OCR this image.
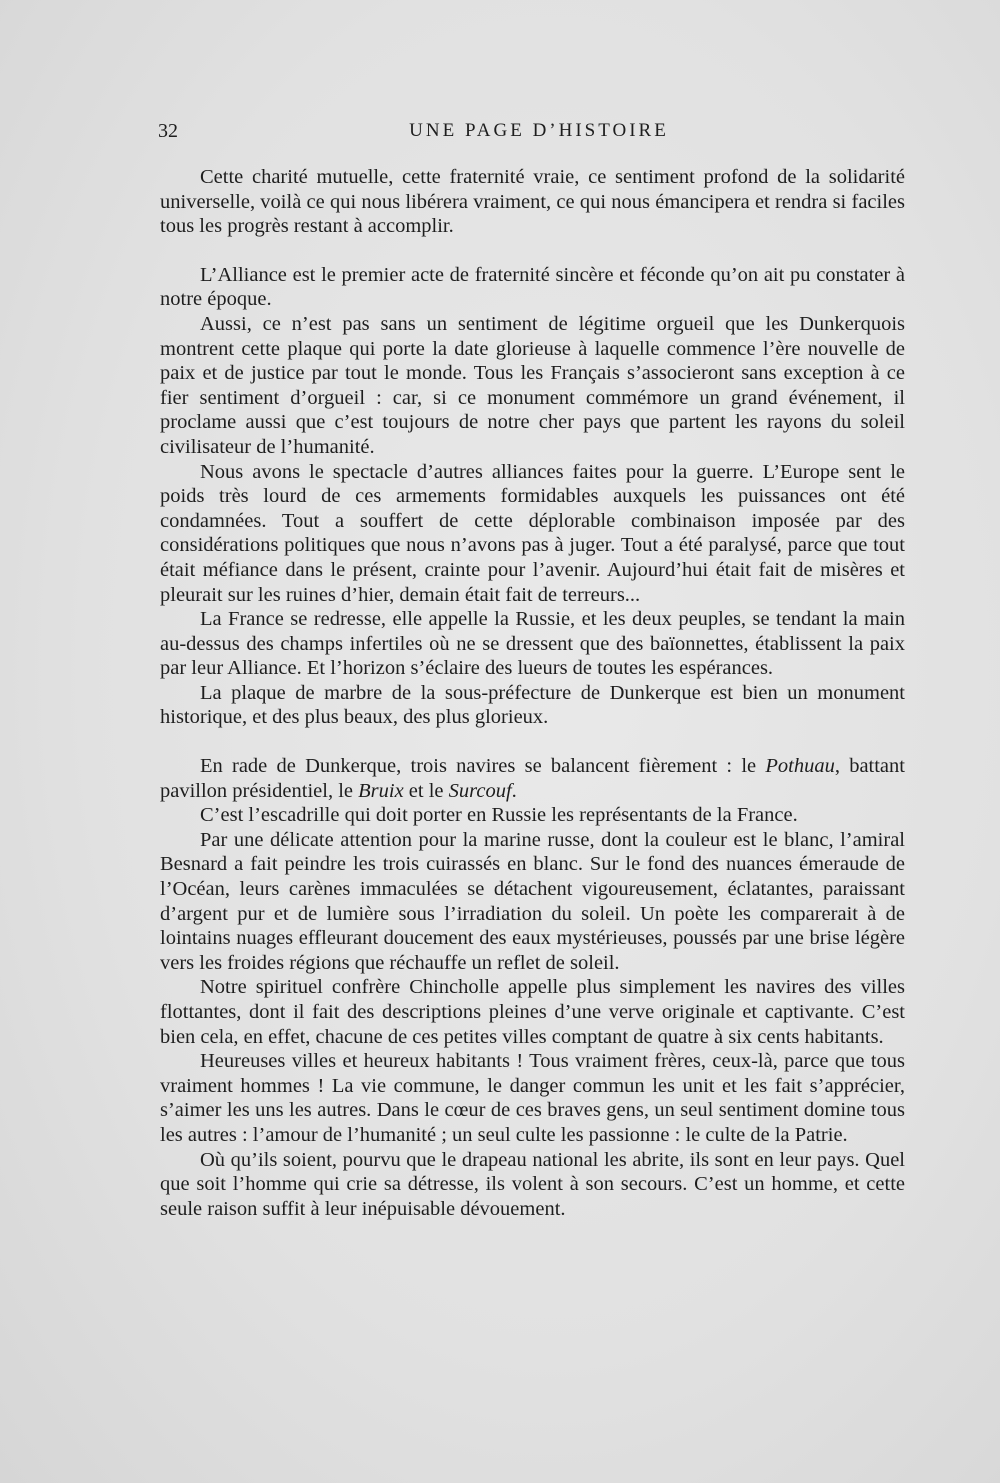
32	UNE PAGE D’HISTOIRE

Cette charité mutuelle, cette fraternité vraie, ce sentiment profond de la solidarité universelle, voilà ce qui nous libérera vraiment, ce qui nous émancipera et rendra si faciles tous les progrès restant à accomplir.

L’Alliance est le premier acte de fraternité sincère et féconde qu’on ait pu constater à notre époque.

Aussi, ce n’est pas sans un sentiment de légitime orgueil que les Dunkerquois montrent cette plaque qui porte la date glorieuse à laquelle commence l’ère nouvelle de paix et de justice par tout le monde. Tous les Français s’associeront sans exception à ce fier sentiment d’orgueil : car, si ce monument commémore un grand événement, il proclame aussi que c’est toujours de notre cher pays que partent les rayons du soleil civilisateur de l’humanité.

Nous avons le spectacle d’autres alliances faites pour la guerre. L’Europe sent le poids très lourd de ces armements formidables auxquels les puissances ont été condamnées. Tout a souffert de cette déplorable combinaison imposée par des considérations politiques que nous n’avons pas à juger. Tout a été paralysé, parce que tout était méfiance dans le présent, crainte pour l’avenir. Aujourd’hui était fait de misères et pleurait sur les ruines d’hier, demain était fait de terreurs...

La France se redresse, elle appelle la Russie, et les deux peuples, se tendant la main au-dessus des champs infertiles où ne se dressent que des baïonnettes, établissent la paix par leur Alliance. Et l’horizon s’éclaire des lueurs de toutes les espérances.

La plaque de marbre de la sous-préfecture de Dunkerque est bien un monument historique, et des plus beaux, des plus glorieux.

En rade de Dunkerque, trois navires se balancent fièrement : le Pothuau, battant pavillon présidentiel, le Bruix et le Surcouf.

C’est l’escadrille qui doit porter en Russie les représentants de la France.

Par une délicate attention pour la marine russe, dont la couleur est le blanc, l’amiral Besnard a fait peindre les trois cuirassés en blanc. Sur le fond des nuances émeraude de l’Océan, leurs carènes immaculées se détachent vigoureusement, éclatantes, paraissant d’argent pur et de lumière sous l’irradiation du soleil. Un poète les comparerait à de lointains nuages effleurant doucement des eaux mystérieuses, poussés par une brise légère vers les froides régions que réchauffe un reflet de soleil.

Notre spirituel confrère Chincholle appelle plus simplement les navires des villes flottantes, dont il fait des descriptions pleines d’une verve originale et captivante. C’est bien cela, en effet, chacune de ces petites villes comptant de quatre à six cents habitants.

Heureuses villes et heureux habitants ! Tous vraiment frères, ceux-là, parce que tous vraiment hommes ! La vie commune, le danger commun les unit et les fait s’apprécier, s’aimer les uns les autres. Dans le cœur de ces braves gens, un seul sentiment domine tous les autres : l’amour de l’humanité ; un seul culte les passionne : le culte de la Patrie.

Où qu’ils soient, pourvu que le drapeau national les abrite, ils sont en leur pays. Quel que soit l’homme qui crie sa détresse, ils volent à son secours. C’est un homme, et cette seule raison suffit à leur inépuisable dévouement.
